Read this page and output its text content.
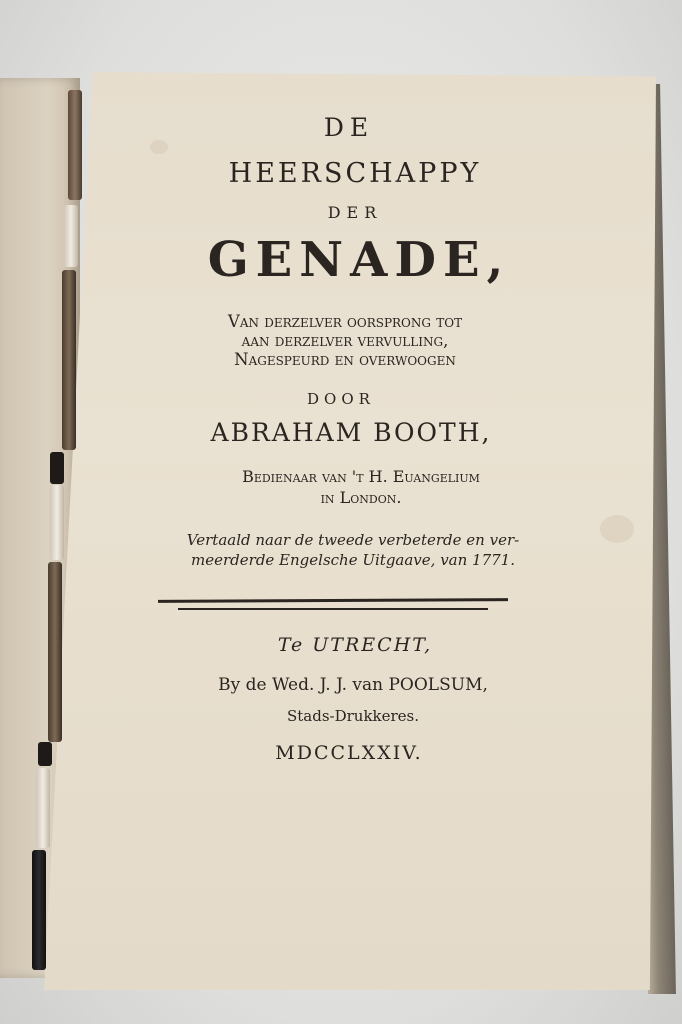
DE
HEERSCHAPPY
DER
GENADE,
Van derzelver oorsprong tot
aan derzelver vervulling,
Nagespeurd en overwoogen
DOOR
ABRAHAM BOOTH,
Bedienaar van 't H. Euangelium
in London.
Vertaald naar de tweede verbeterde en ver-
meerderde Engelsche Uitgaave, van 1771.
Te UTRECHT,
By de Wed. J. J. van POOLSUM,
Stads-Drukkeres.
MDCCLXXIV.
